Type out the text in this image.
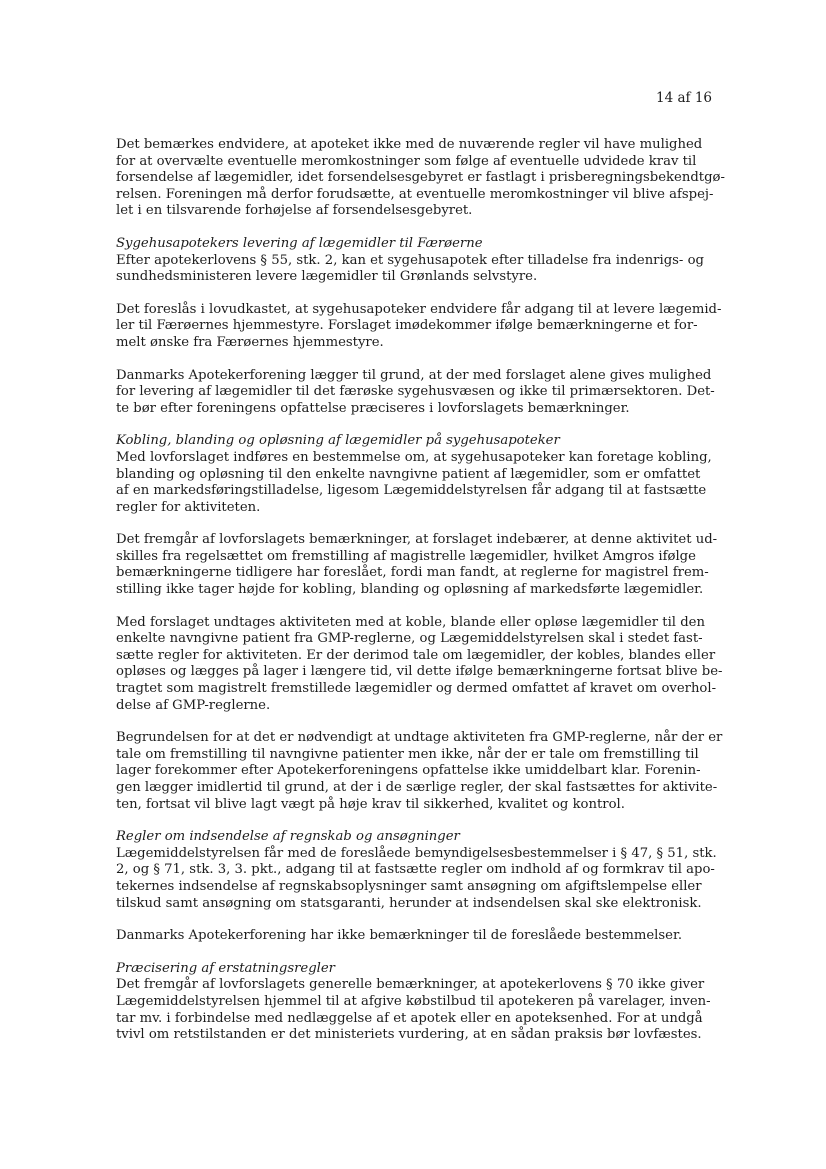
14 af 16

Det bemærkes endvidere, at apoteket ikke med de nuværende regler vil have mulighed
for at overvælte eventuelle meromkostninger som følge af eventuelle udvidede krav til
forsendelse af lægemidler, idet forsendelsesgebyret er fastlagt i prisberegningsbekendtgø-
relsen. Foreningen må derfor forudsætte, at eventuelle meromkostninger vil blive afspej-
let i en tilsvarende forhøjelse af forsendelsesgebyret.

Sygehusapotekers levering af lægemidler til Færøerne
Efter apotekerlovens § 55, stk. 2, kan et sygehusapotek efter tilladelse fra indenrigs- og
sundhedsministeren levere lægemidler til Grønlands selvstyre.

Det foreslås i lovudkastet, at sygehusapoteker endvidere får adgang til at levere lægemid-
ler til Færøernes hjemmestyre. Forslaget imødekommer ifølge bemærkningerne et for-
melt ønske fra Færøernes hjemmestyre.

Danmarks Apotekerforening lægger til grund, at der med forslaget alene gives mulighed
for levering af lægemidler til det færøske sygehusvæsen og ikke til primærsektoren. Det-
te bør efter foreningens opfattelse præciseres i lovforslagets bemærkninger.

Kobling, blanding og opløsning af lægemidler på sygehusapoteker
Med lovforslaget indføres en bestemmelse om, at sygehusapoteker kan foretage kobling,
blanding og opløsning til den enkelte navngivne patient af lægemidler, som er omfattet
af en markedsføringstilladelse, ligesom Lægemiddelstyrelsen får adgang til at fastsætte
regler for aktiviteten.

Det fremgår af lovforslagets bemærkninger, at forslaget indebærer, at denne aktivitet ud-
skilles fra regelsættet om fremstilling af magistrelle lægemidler, hvilket Amgros ifølge
bemærkningerne tidligere har foreslået, fordi man fandt, at reglerne for magistrel frem-
stilling ikke tager højde for kobling, blanding og opløsning af markedsførte lægemidler.

Med forslaget undtages aktiviteten med at koble, blande eller opløse lægemidler til den
enkelte navngivne patient fra GMP-reglerne, og Lægemiddelstyrelsen skal i stedet fast-
sætte regler for aktiviteten. Er der derimod tale om lægemidler, der kobles, blandes eller
opløses og lægges på lager i længere tid, vil dette ifølge bemærkningerne fortsat blive be-
tragtet som magistrelt fremstillede lægemidler og dermed omfattet af kravet om overhol-
delse af GMP-reglerne.

Begrundelsen for at det er nødvendigt at undtage aktiviteten fra GMP-reglerne, når der er
tale om fremstilling til navngivne patienter men ikke, når der er tale om fremstilling til
lager forekommer efter Apotekerforeningens opfattelse ikke umiddelbart klar. Forenin-
gen lægger imidlertid til grund, at der i de særlige regler, der skal fastsættes for aktivite-
ten, fortsat vil blive lagt vægt på høje krav til sikkerhed, kvalitet og kontrol.

Regler om indsendelse af regnskab og ansøgninger
Lægemiddelstyrelsen får med de foreslåede bemyndigelsesbestemmelser i § 47, § 51, stk.
2, og § 71, stk. 3, 3. pkt., adgang til at fastsætte regler om indhold af og formkrav til apo-
tekernes indsendelse af regnskabsoplysninger samt ansøgning om afgiftslempelse eller
tilskud samt ansøgning om statsgaranti, herunder at indsendelsen skal ske elektronisk.

Danmarks Apotekerforening har ikke bemærkninger til de foreslåede bestemmelser.

Præcisering af erstatningsregler
Det fremgår af lovforslagets generelle bemærkninger, at apotekerlovens § 70 ikke giver
Lægemiddelstyrelsen hjemmel til at afgive købstilbud til apotekeren på varelager, inven-
tar mv. i forbindelse med nedlæggelse af et apotek eller en apoteksenhed. For at undgå
tvivl om retstilstanden er det ministeriets vurdering, at en sådan praksis bør lovfæstes.
